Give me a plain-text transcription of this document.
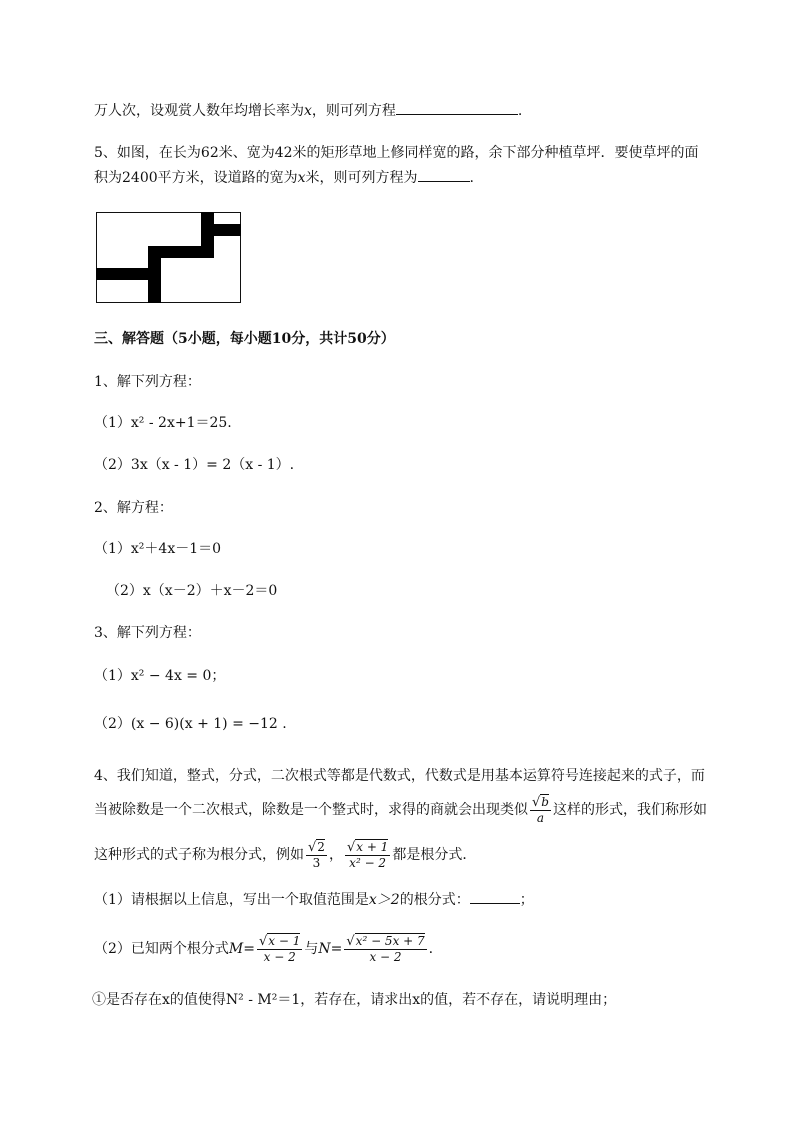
万人次，设观赏人数年均增长率为x，则可列方程	.
5、如图，在长为62米、宽为42米的矩形草地上修同样宽的路，余下部分种植草坪．要使草坪的面
积为2400平方米，设道路的宽为x米，则可列方程为	.
三、解答题（5小题，每小题10分，共计50分）
1、解下列方程：
（1）x² - 2x+1＝25.
（2）3x（x - 1）= 2（x - 1）.
2、解方程：
（1）x²＋4x－1＝0
（2）x（x－2）＋x－2＝0
3、解下列方程：
（1）x² − 4x = 0；
（2）(x − 6)(x + 1) = −12 .
4、我们知道，整式，分式，二次根式等都是代数式，代数式是用基本运算符号连接起来的式子，而
当被除数是一个二次根式，除数是一个整式时，求得的商就会出现类似 $\frac{√b}{a}$ 这样的形式，我们称形如
这种形式的式子称为根分式，例如 $\frac{√2}{3}$ ， $\frac{√x + 1}{\text{x² − 2}}$ 都是根分式．
（1）请根据以上信息，写出一个取值范围是x＞2的根分式：	；
（2）已知两个根分式$M= \frac{√x - 1}{x - 2}$ 与$N= \frac{\text{√x² − 5x + 7}}{x - 2}$ .
①是否存在x的值使得N² - M²＝1，若存在，请求出x的值，若不存在，请说明理由；
